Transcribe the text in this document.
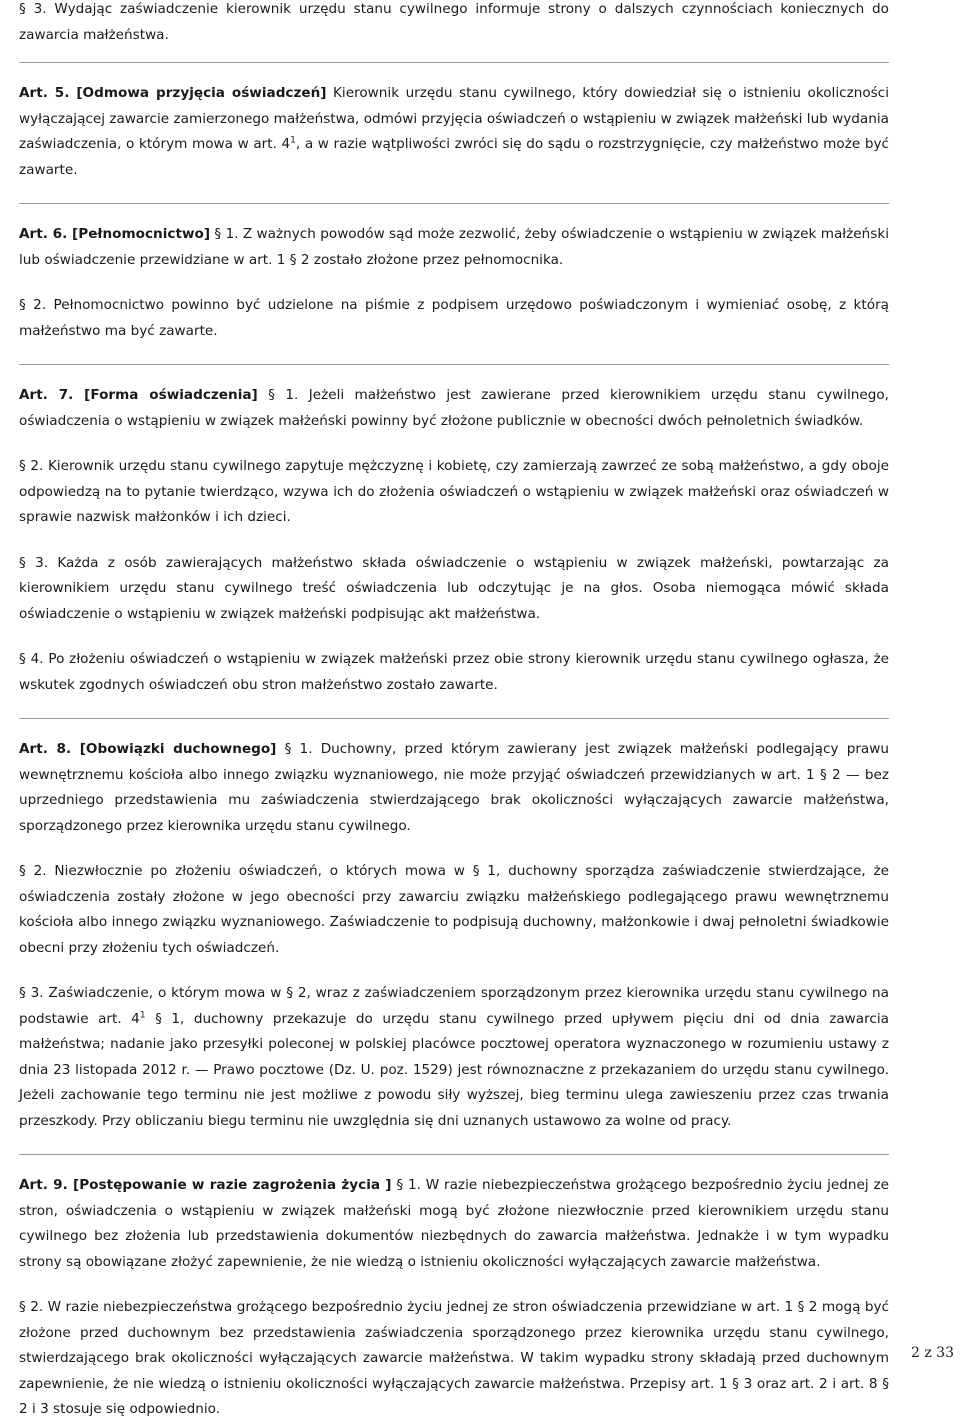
§ 3. Wydając zaświadczenie kierownik urzędu stanu cywilnego informuje strony o dalszych czynnościach koniecznych do zawarcia małżeństwa.

Art. 5. [Odmowa przyjęcia oświadczeń] Kierownik urzędu stanu cywilnego, który dowiedział się o istnieniu okoliczności wyłączającej zawarcie zamierzonego małżeństwa, odmówi przyjęcia oświadczeń o wstąpieniu w związek małżeński lub wydania zaświadczenia, o którym mowa w art. $4^1$, a w razie wątpliwości zwróci się do sądu o rozstrzygnięcie, czy małżeństwo może być zawarte.

Art. 6. [Pełnomocnictwo] § 1. Z ważnych powodów sąd może zezwolić, żeby oświadczenie o wstąpieniu w związek małżeński lub oświadczenie przewidziane w art. 1 § 2 zostało złożone przez pełnomocnika.

§ 2. Pełnomocnictwo powinno być udzielone na piśmie z podpisem urzędowo poświadczonym i wymieniać osobę, z którą małżeństwo ma być zawarte.

Art. 7. [Forma oświadczenia] § 1. Jeżeli małżeństwo jest zawierane przed kierownikiem urzędu stanu cywilnego, oświadczenia o wstąpieniu w związek małżeński powinny być złożone publicznie w obecności dwóch pełnoletnich świadków.

§ 2. Kierownik urzędu stanu cywilnego zapytuje mężczyznę i kobietę, czy zamierzają zawrzeć ze sobą małżeństwo, a gdy oboje odpowiedzą na to pytanie twierdząco, wzywa ich do złożenia oświadczeń o wstąpieniu w związek małżeński oraz oświadczeń w sprawie nazwisk małżonków i ich dzieci.

§ 3. Każda z osób zawierających małżeństwo składa oświadczenie o wstąpieniu w związek małżeński, powtarzając za kierownikiem urzędu stanu cywilnego treść oświadczenia lub odczytując je na głos. Osoba niemogąca mówić składa oświadczenie o wstąpieniu w związek małżeński podpisując akt małżeństwa.

§ 4. Po złożeniu oświadczeń o wstąpieniu w związek małżeński przez obie strony kierownik urzędu stanu cywilnego ogłasza, że wskutek zgodnych oświadczeń obu stron małżeństwo zostało zawarte.

Art. 8. [Obowiązki duchownego] § 1. Duchowny, przed którym zawierany jest związek małżeński podlegający prawu wewnętrznemu kościoła albo innego związku wyznaniowego, nie może przyjąć oświadczeń przewidzianych w art. 1 § 2 — bez uprzedniego przedstawienia mu zaświadczenia stwierdzającego brak okoliczności wyłączających zawarcie małżeństwa, sporządzonego przez kierownika urzędu stanu cywilnego.

§ 2. Niezwłocznie po złożeniu oświadczeń, o których mowa w § 1, duchowny sporządza zaświadczenie stwierdzające, że oświadczenia zostały złożone w jego obecności przy zawarciu związku małżeńskiego podlegającego prawu wewnętrznemu kościoła albo innego związku wyznaniowego. Zaświadczenie to podpisują duchowny, małżonkowie i dwaj pełnoletni świadkowie obecni przy złożeniu tych oświadczeń.

§ 3. Zaświadczenie, o którym mowa w § 2, wraz z zaświadczeniem sporządzonym przez kierownika urzędu stanu cywilnego na podstawie art. $4^1$ § 1, duchowny przekazuje do urzędu stanu cywilnego przed upływem pięciu dni od dnia zawarcia małżeństwa; nadanie jako przesyłki poleconej w polskiej placówce pocztowej operatora wyznaczonego w rozumieniu ustawy z dnia 23 listopada 2012 r. — Prawo pocztowe (Dz. U. poz. 1529) jest równoznaczne z przekazaniem do urzędu stanu cywilnego. Jeżeli zachowanie tego terminu nie jest możliwe z powodu siły wyższej, bieg terminu ulega zawieszeniu przez czas trwania przeszkody. Przy obliczaniu biegu terminu nie uwzględnia się dni uznanych ustawowo za wolne od pracy.

Art. 9. [Postępowanie w razie zagrożenia życia ] § 1. W razie niebezpieczeństwa grożącego bezpośrednio życiu jednej ze stron, oświadczenia o wstąpieniu w związek małżeński mogą być złożone niezwłocznie przed kierownikiem urzędu stanu cywilnego bez złożenia lub przedstawienia dokumentów niezbędnych do zawarcia małżeństwa. Jednakże i w tym wypadku strony są obowiązane złożyć zapewnienie, że nie wiedzą o istnieniu okoliczności wyłączających zawarcie małżeństwa.

§ 2. W razie niebezpieczeństwa grożącego bezpośrednio życiu jednej ze stron oświadczenia przewidziane w art. 1 § 2 mogą być złożone przed duchownym bez przedstawienia zaświadczenia sporządzonego przez kierownika urzędu stanu cywilnego, stwierdzającego brak okoliczności wyłączających zawarcie małżeństwa. W takim wypadku strony składają przed duchownym zapewnienie, że nie wiedzą o istnieniu okoliczności wyłączających zawarcie małżeństwa. Przepisy art. 1 § 3 oraz art. 2 i art. 8 § 2 i 3 stosuje się odpowiednio.

2 z 33
